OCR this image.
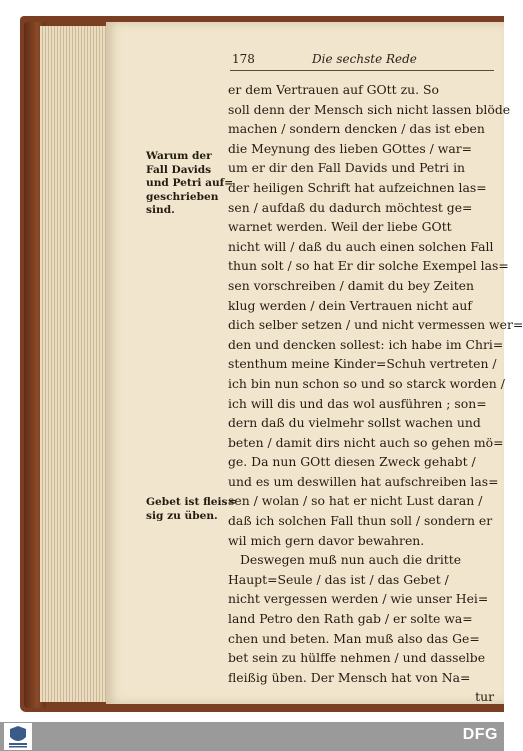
178	Die sechste Rede
Warum der
Fall Davids
und Petri auf=
geschrieben
sind.
Gebet ist fleis=
sig zu üben.
er dem Vertrauen auf GOtt zu. So
soll denn der Mensch sich nicht lassen blöde
machen / sondern dencken / das ist eben
die Meynung des lieben GOttes / war=
um er dir den Fall Davids und Petri in
der heiligen Schrift hat aufzeichnen las=
sen / aufdaß du dadurch möchtest ge=
warnet werden. Weil der liebe GOtt
nicht will / daß du auch einen solchen Fall
thun solt / so hat Er dir solche Exempel las=
sen vorschreiben / damit du bey Zeiten
klug werden / dein Vertrauen nicht auf
dich selber setzen / und nicht vermessen wer=
den und dencken sollest: ich habe im Chri=
stenthum meine Kinder=Schuh vertreten /
ich bin nun schon so und so starck worden /
ich will dis und das wol ausführen ; son=
dern daß du vielmehr sollst wachen und
beten / damit dirs nicht auch so gehen mö=
ge. Da nun GOtt diesen Zweck gehabt /
und es um deswillen hat aufschreiben las=
sen / wolan / so hat er nicht Lust daran /
daß ich solchen Fall thun soll / sondern er
wil mich gern davor bewahren.
Deswegen muß nun auch die dritte
Haupt=Seule / das ist / das Gebet /
nicht vergessen werden / wie unser Hei=
land Petro den Rath gab / er solte wa=
chen und beten. Man muß also das Ge=
bet sein zu hülffe nehmen / und dasselbe
fleißig üben. Der Mensch hat von Na=
tur
DFG
